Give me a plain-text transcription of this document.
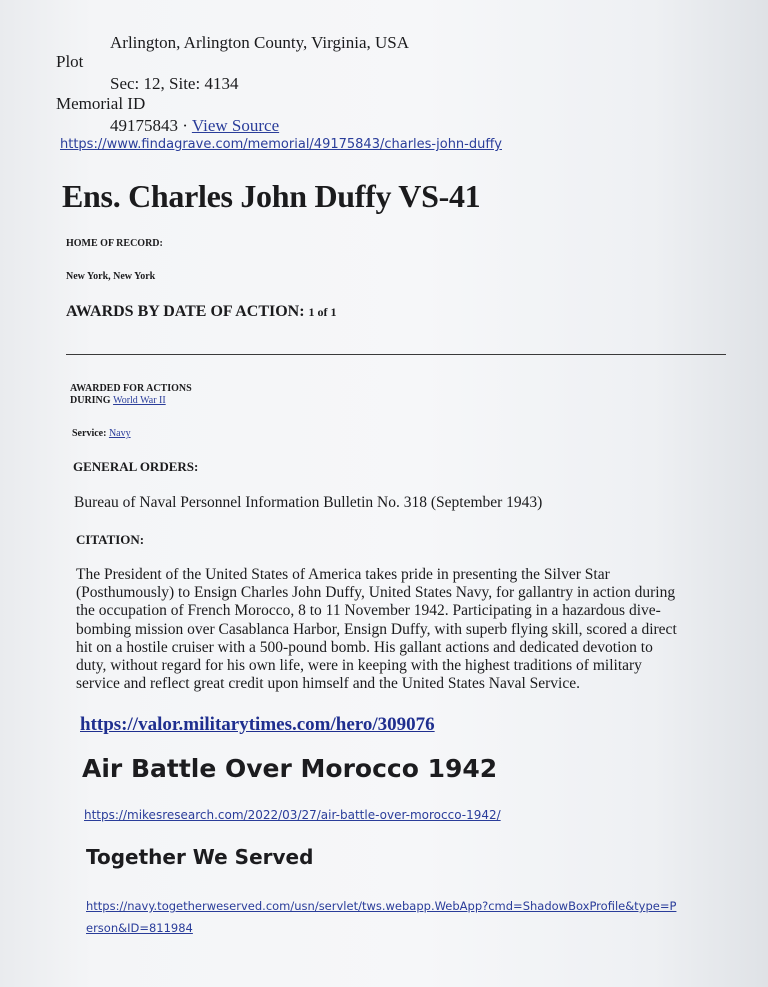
Arlington, Arlington County, Virginia, USA
Plot
Sec: 12, Site: 4134
Memorial ID
49175843 · View Source
https://www.findagrave.com/memorial/49175843/charles-john-duffy
Ens. Charles John Duffy VS-41
HOME OF RECORD:
New York, New York
AWARDS BY DATE OF ACTION: 1 of 1
AWARDED FOR ACTIONS
DURING World War II
Service: Navy
GENERAL ORDERS:
Bureau of Naval Personnel Information Bulletin No. 318 (September 1943)
CITATION:
The President of the United States of America takes pride in presenting the Silver Star
(Posthumously) to Ensign Charles John Duffy, United States Navy, for gallantry in action during
the occupation of French Morocco, 8 to 11 November 1942. Participating in a hazardous dive-
bombing mission over Casablanca Harbor, Ensign Duffy, with superb flying skill, scored a direct
hit on a hostile cruiser with a 500-pound bomb. His gallant actions and dedicated devotion to
duty, without regard for his own life, were in keeping with the highest traditions of military
service and reflect great credit upon himself and the United States Naval Service.
https://valor.militarytimes.com/hero/309076
Air Battle Over Morocco 1942
https://mikesresearch.com/2022/03/27/air-battle-over-morocco-1942/
Together We Served
https://navy.togetherweserved.com/usn/servlet/tws.webapp.WebApp?cmd=ShadowBoxProfile&type=P
erson&ID=811984
